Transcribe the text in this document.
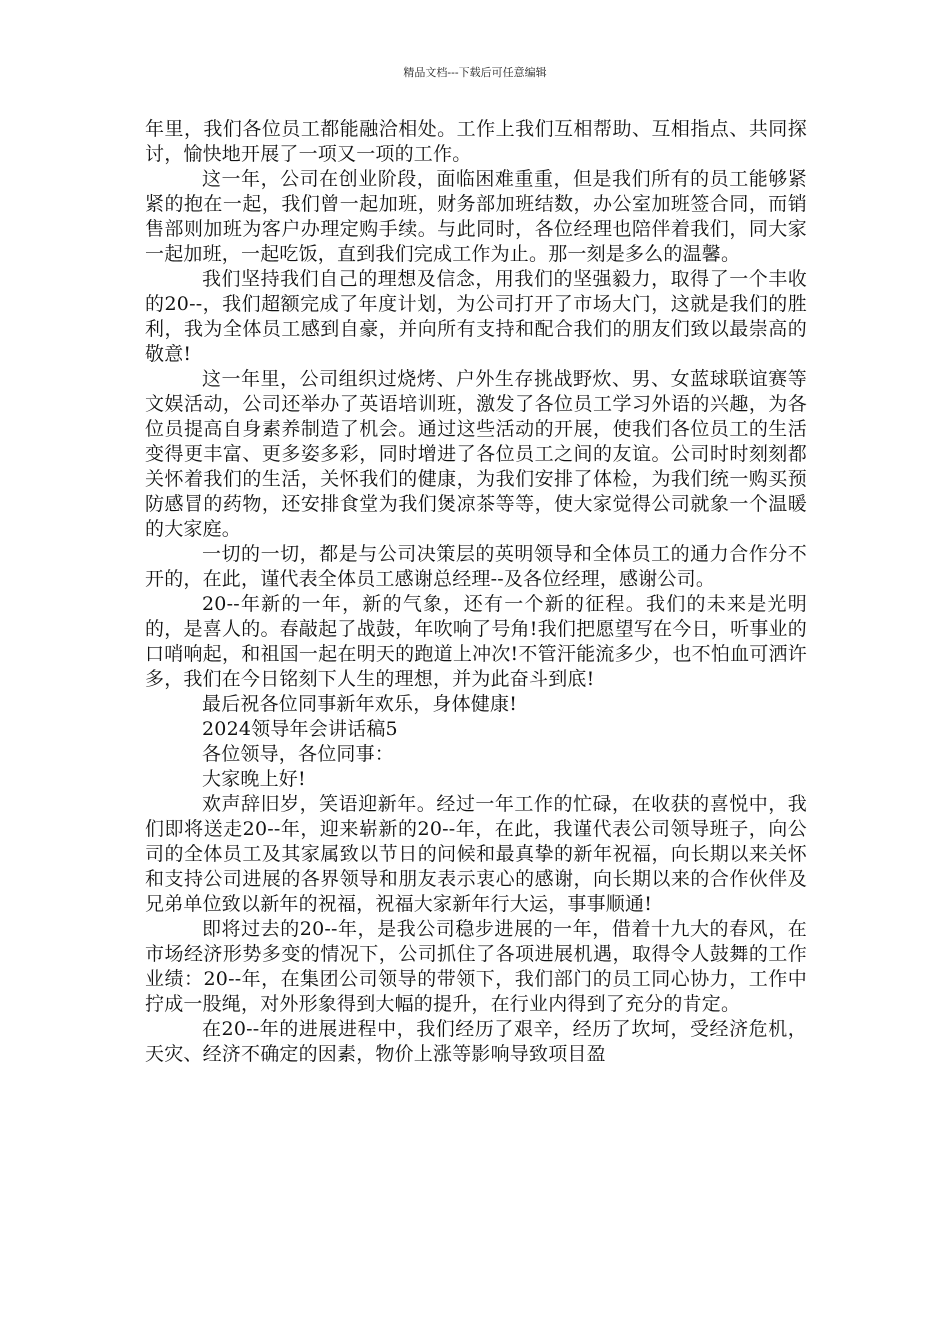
精品文档---下载后可任意编辑

年里，我们各位员工都能融洽相处。工作上我们互相帮助、互相指点、共同探讨，愉快地开展了一项又一项的工作。

这一年，公司在创业阶段，面临困难重重，但是我们所有的员工能够紧紧的抱在一起，我们曾一起加班，财务部加班结数，办公室加班签合同，而销售部则加班为客户办理定购手续。与此同时，各位经理也陪伴着我们，同大家一起加班，一起吃饭，直到我们完成工作为止。那一刻是多么的温馨。

我们坚持我们自己的理想及信念，用我们的坚强毅力，取得了一个丰收的20--，我们超额完成了年度计划，为公司打开了市场大门，这就是我们的胜利，我为全体员工感到自豪，并向所有支持和配合我们的朋友们致以最崇高的敬意!

这一年里，公司组织过烧烤、户外生存挑战野炊、男、女蓝球联谊赛等文娱活动，公司还举办了英语培训班，激发了各位员工学习外语的兴趣，为各位员提高自身素养制造了机会。通过这些活动的开展，使我们各位员工的生活变得更丰富、更多姿多彩，同时增进了各位员工之间的友谊。公司时时刻刻都关怀着我们的生活，关怀我们的健康，为我们安排了体检，为我们统一购买预防感冒的药物，还安排食堂为我们煲凉茶等等，使大家觉得公司就象一个温暖的大家庭。

一切的一切，都是与公司决策层的英明领导和全体员工的通力合作分不开的，在此，谨代表全体员工感谢总经理--及各位经理，感谢公司。

20--年新的一年，新的气象，还有一个新的征程。我们的未来是光明的，是喜人的。春敲起了战鼓，年吹响了号角!我们把愿望写在今日，听事业的口哨响起，和祖国一起在明天的跑道上冲次!不管汗能流多少，也不怕血可洒许多，我们在今日铭刻下人生的理想，并为此奋斗到底!

最后祝各位同事新年欢乐，身体健康!

2024领导年会讲话稿5

各位领导，各位同事：

大家晚上好!

欢声辞旧岁，笑语迎新年。经过一年工作的忙碌，在收获的喜悦中，我们即将送走20--年，迎来崭新的20--年，在此，我谨代表公司领导班子，向公司的全体员工及其家属致以节日的问候和最真挚的新年祝福，向长期以来关怀和支持公司进展的各界领导和朋友表示衷心的感谢，向长期以来的合作伙伴及兄弟单位致以新年的祝福，祝福大家新年行大运，事事顺通!

即将过去的20--年，是我公司稳步进展的一年，借着十九大的春风，在市场经济形势多变的情况下，公司抓住了各项进展机遇，取得令人鼓舞的工作业绩：20--年，在集团公司领导的带领下，我们部门的员工同心协力，工作中拧成一股绳，对外形象得到大幅的提升，在行业内得到了充分的肯定。

在20--年的进展进程中，我们经历了艰辛，经历了坎坷，受经济危机，天灾、经济不确定的因素，物价上涨等影响导致项目盈
